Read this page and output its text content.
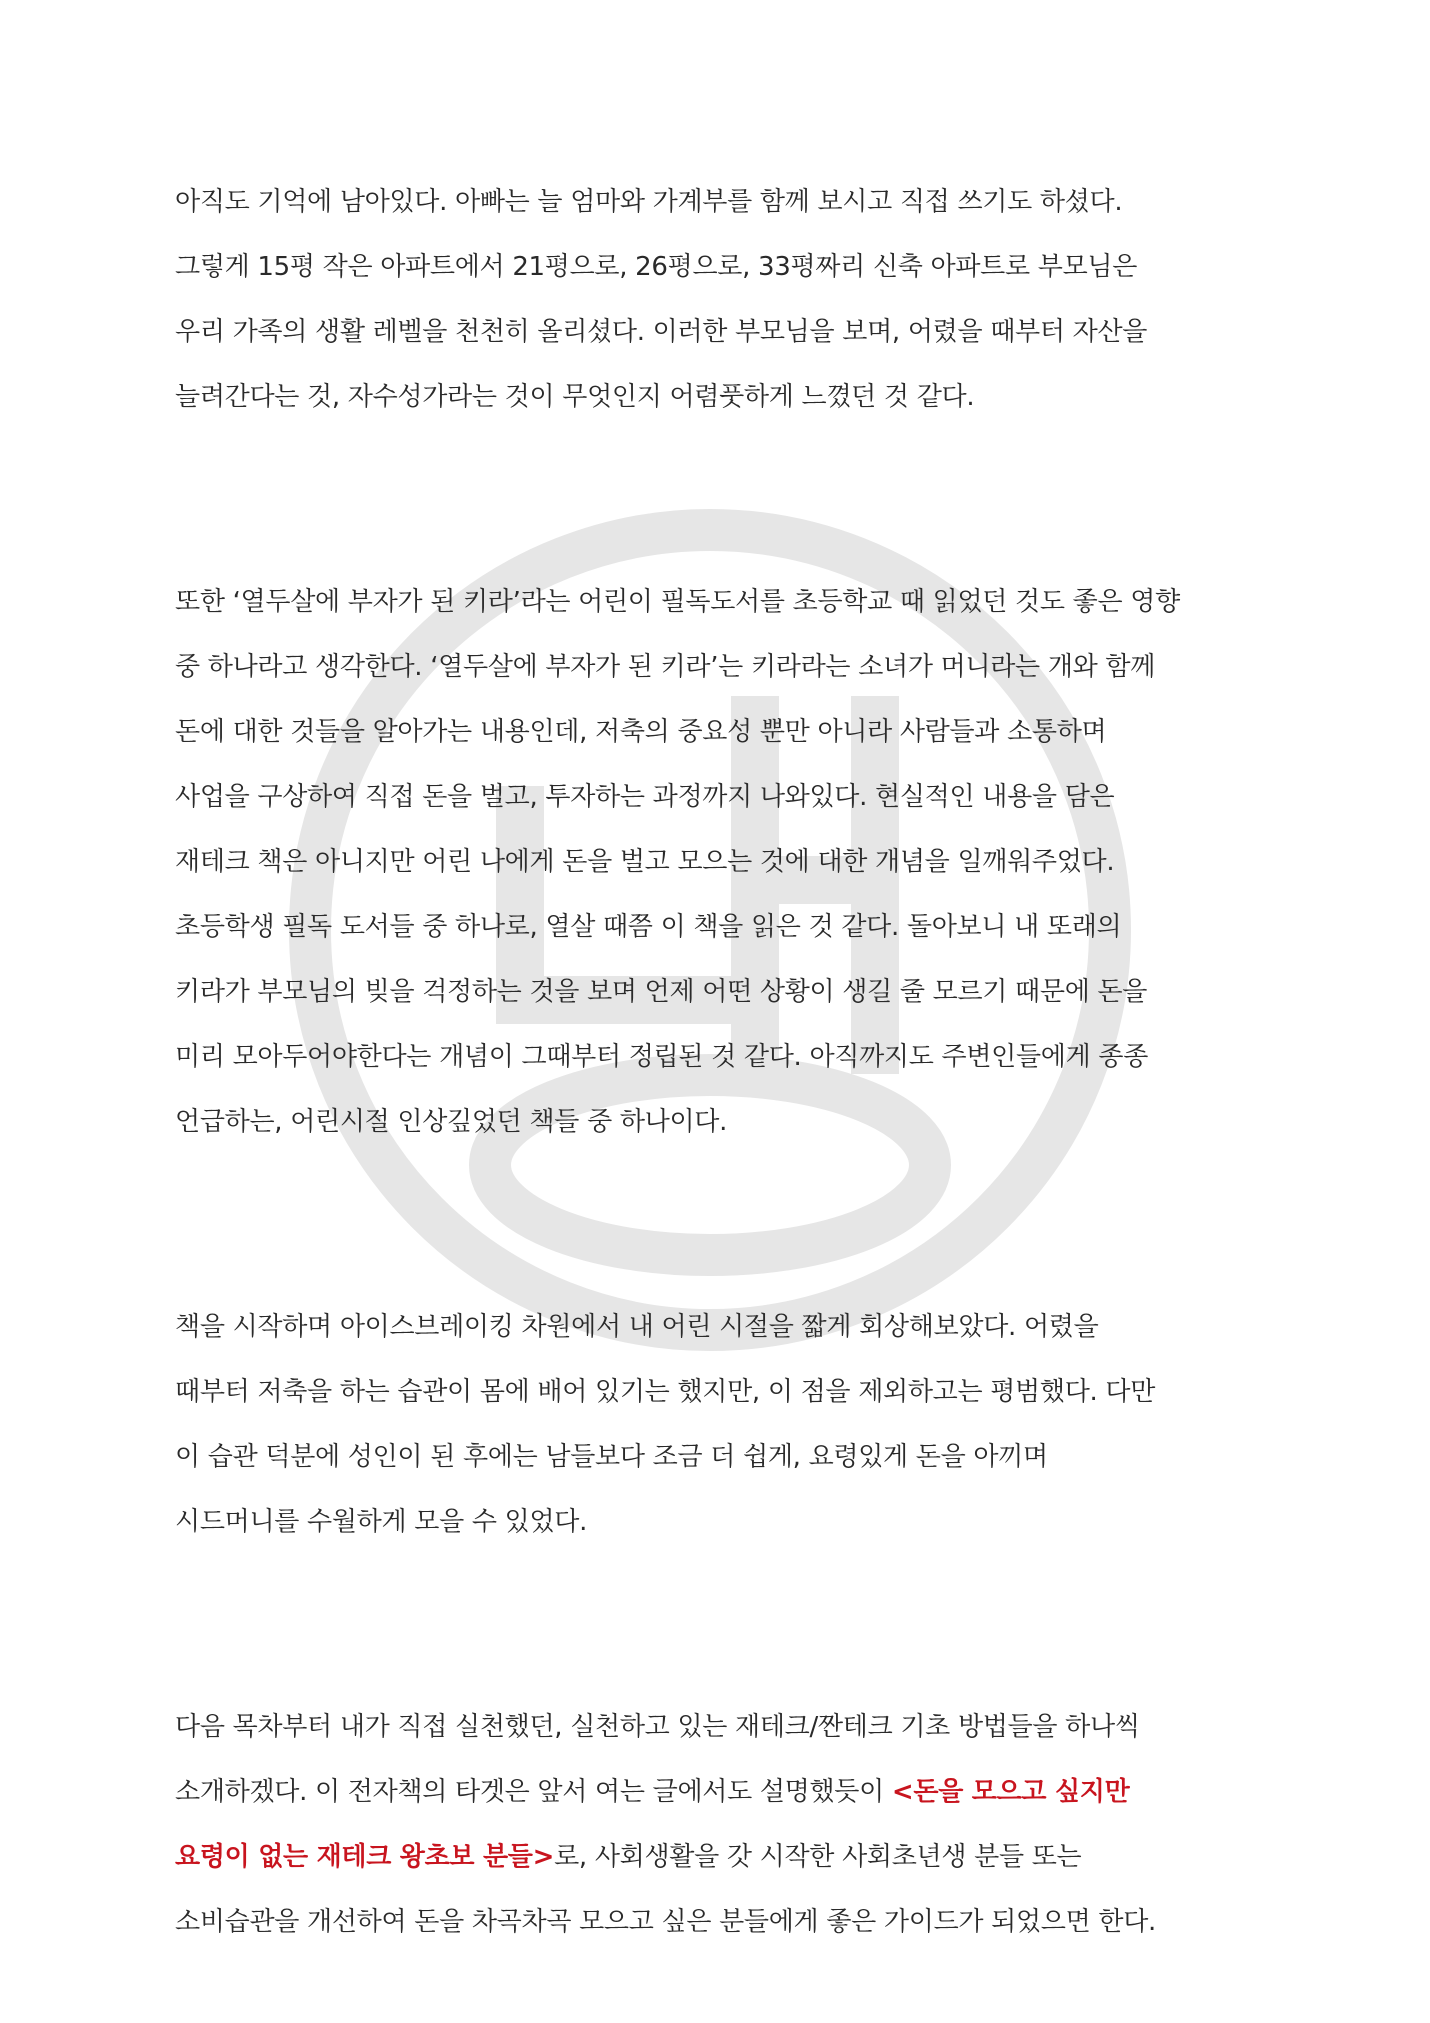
아직도 기억에 남아있다. 아빠는 늘 엄마와 가계부를 함께 보시고 직접 쓰기도 하셨다.
그렇게 15평 작은 아파트에서 21평으로, 26평으로, 33평짜리 신축 아파트로 부모님은
우리 가족의 생활 레벨을 천천히 올리셨다. 이러한 부모님을 보며, 어렸을 때부터 자산을
늘려간다는 것, 자수성가라는 것이 무엇인지 어렴풋하게 느꼈던 것 같다.
또한 ‘열두살에 부자가 된 키라’라는 어린이 필독도서를 초등학교 때 읽었던 것도 좋은 영향
중 하나라고 생각한다. ‘열두살에 부자가 된 키라’는 키라라는 소녀가 머니라는 개와 함께
돈에 대한 것들을 알아가는 내용인데, 저축의 중요성 뿐만 아니라 사람들과 소통하며
사업을 구상하여 직접 돈을 벌고, 투자하는 과정까지 나와있다. 현실적인 내용을 담은
재테크 책은 아니지만 어린 나에게 돈을 벌고 모으는 것에 대한 개념을 일깨워주었다.
초등학생 필독 도서들 중 하나로, 열살 때쯤 이 책을 읽은 것 같다. 돌아보니 내 또래의
키라가 부모님의 빚을 걱정하는 것을 보며 언제 어떤 상황이 생길 줄 모르기 때문에 돈을
미리 모아두어야한다는 개념이 그때부터 정립된 것 같다. 아직까지도 주변인들에게 종종
언급하는, 어린시절 인상깊었던 책들 중 하나이다.
책을 시작하며 아이스브레이킹 차원에서 내 어린 시절을 짧게 회상해보았다. 어렸을
때부터 저축을 하는 습관이 몸에 배어 있기는 했지만, 이 점을 제외하고는 평범했다. 다만
이 습관 덕분에 성인이 된 후에는 남들보다 조금 더 쉽게, 요령있게 돈을 아끼며
시드머니를 수월하게 모을 수 있었다.
다음 목차부터 내가 직접 실천했던, 실천하고 있는 재테크/짠테크 기초 방법들을 하나씩
소개하겠다. 이 전자책의 타겟은 앞서 여는 글에서도 설명했듯이 <돈을 모으고 싶지만
요령이 없는 재테크 왕초보 분들>로, 사회생활을 갓 시작한 사회초년생 분들 또는
소비습관을 개선하여 돈을 차곡차곡 모으고 싶은 분들에게 좋은 가이드가 되었으면 한다.
